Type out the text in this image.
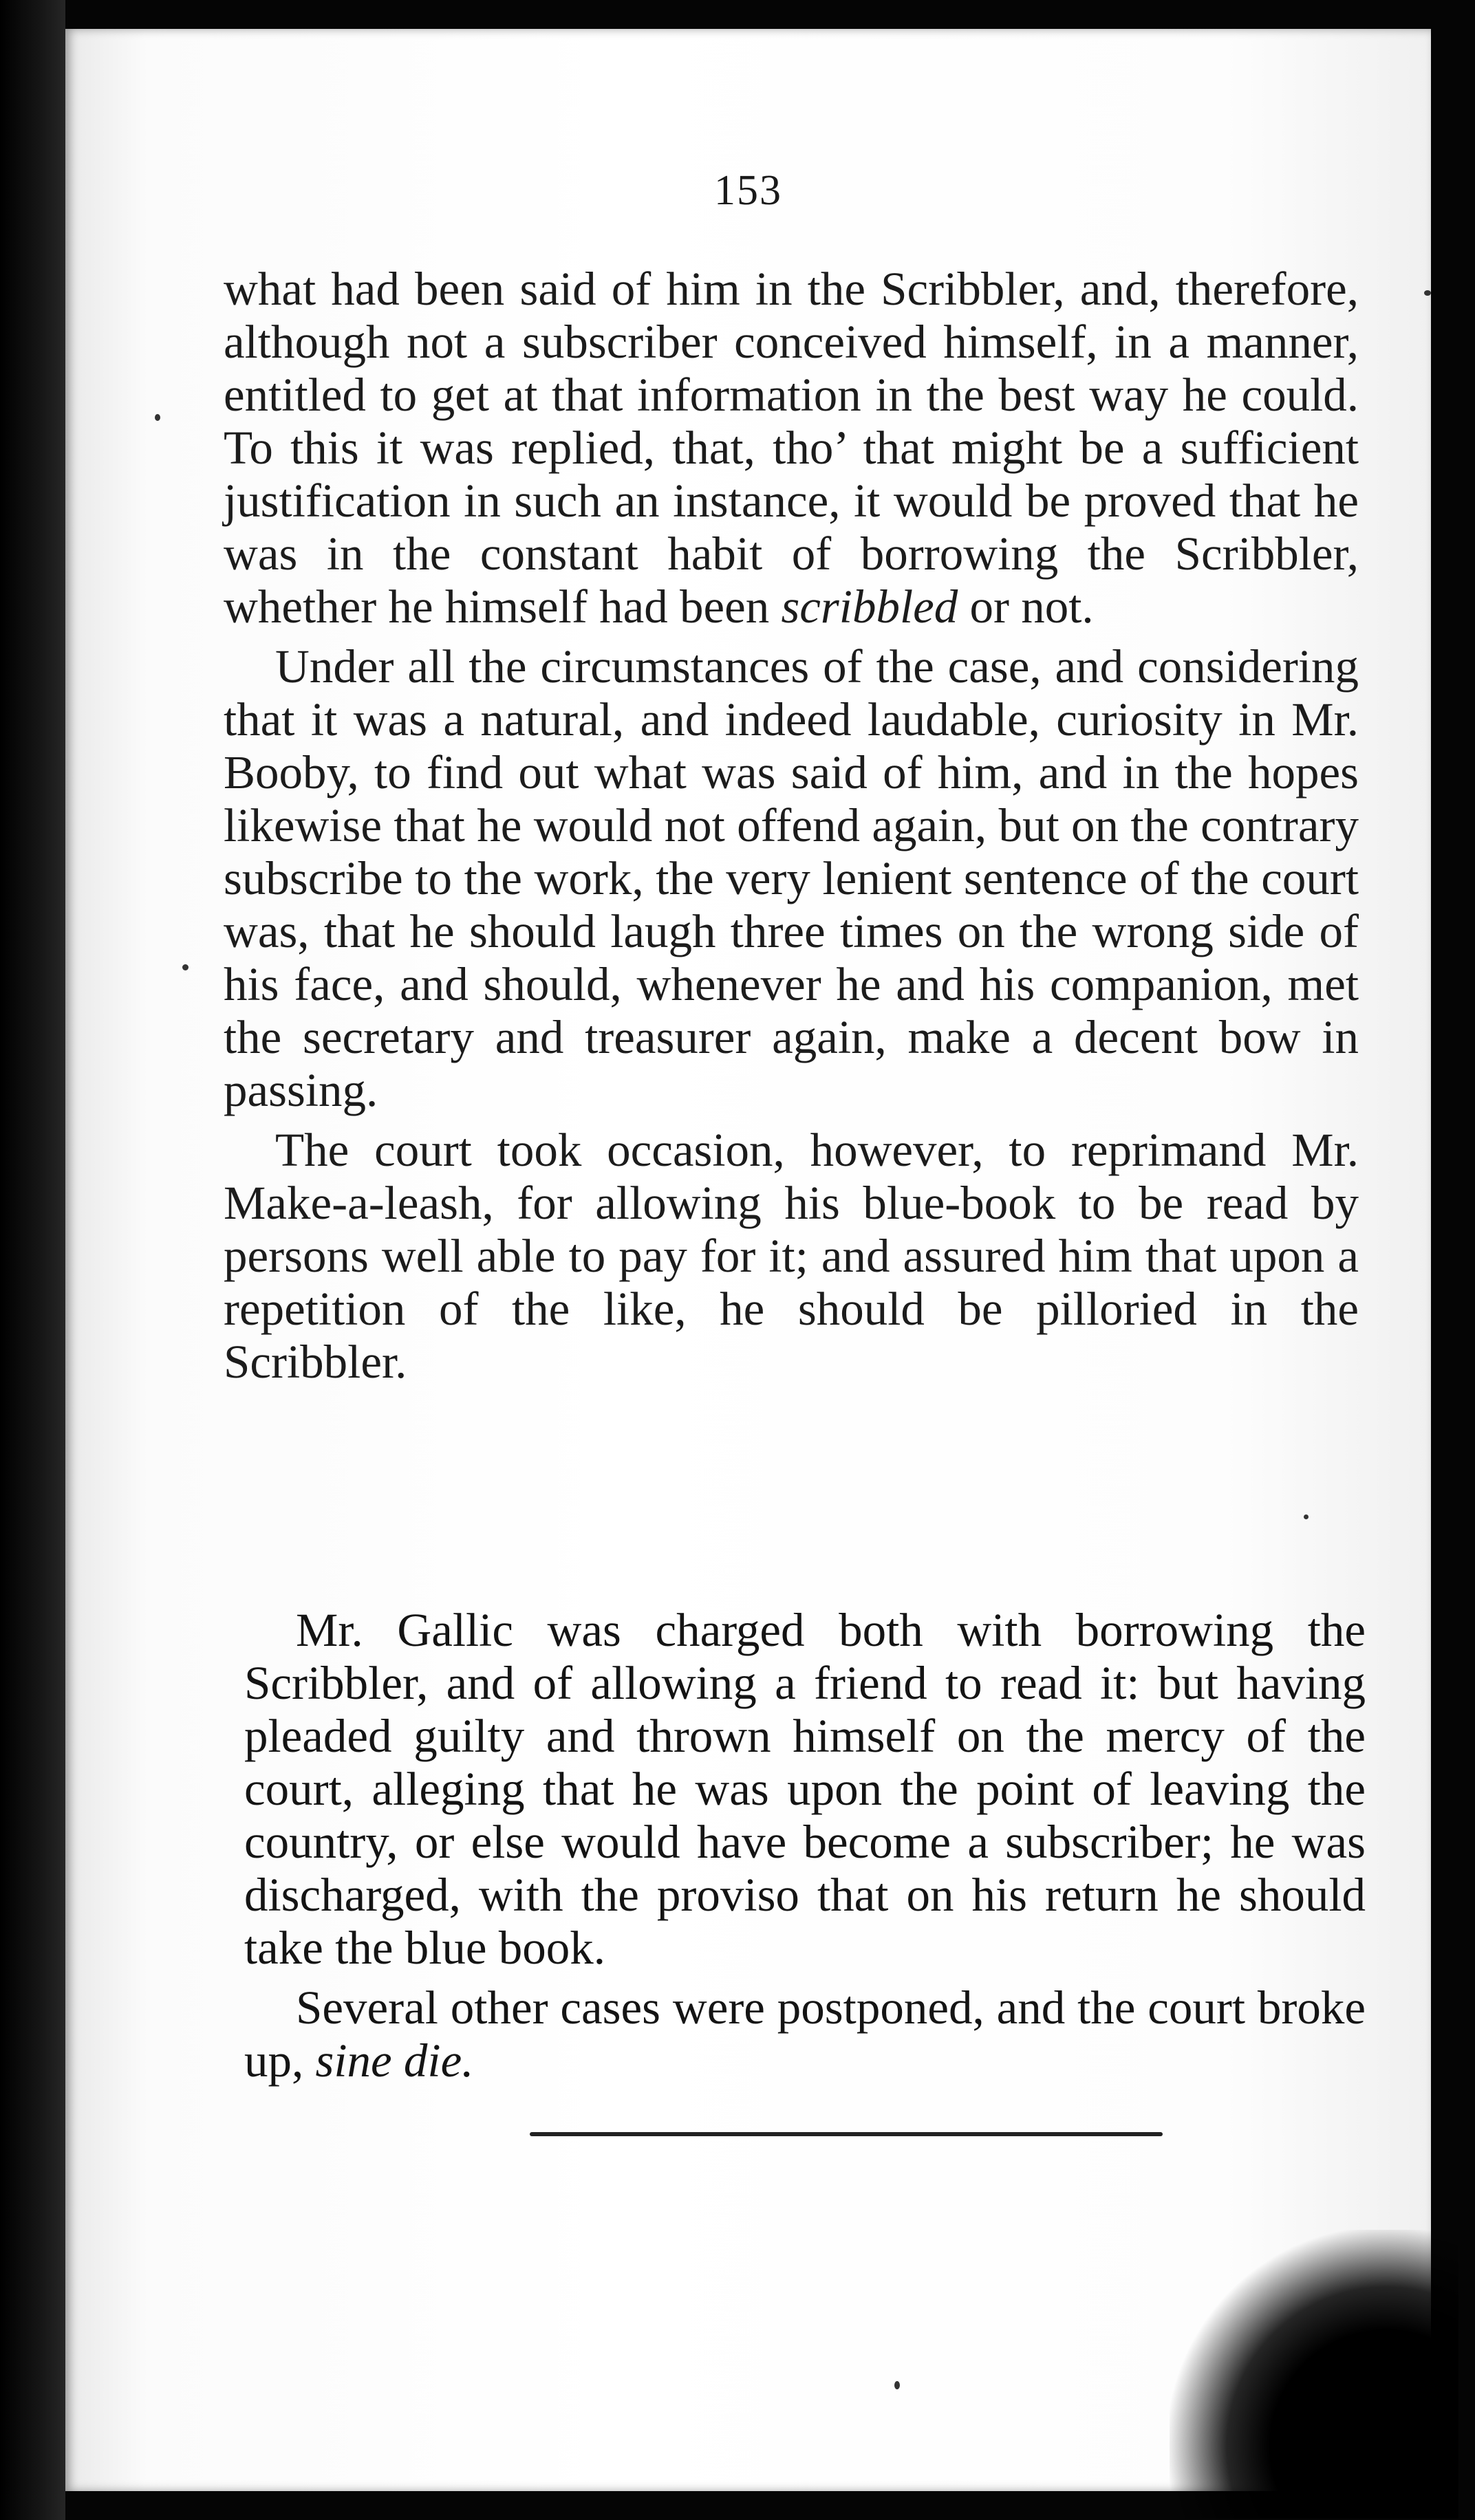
153

what had been said of him in the Scribbler, and, therefore, although not a subscriber conceived himself, in a manner, entitled to get at that information in the best way he could. To this it was replied, that, tho’ that might be a sufficient justification in such an instance, it would be proved that he was in the constant habit of borrowing the Scribbler, whether he himself had been scribbled or not.

Under all the circumstances of the case, and considering that it was a natural, and indeed laudable, curiosity in Mr. Booby, to find out what was said of him, and in the hopes likewise that he would not offend again, but on the contrary subscribe to the work, the very lenient sentence of the court was, that he should laugh three times on the wrong side of his face, and should, whenever he and his companion, met the secretary and treasurer again, make a decent bow in passing.

The court took occasion, however, to reprimand Mr. Make-a-leash, for allowing his blue-book to be read by persons well able to pay for it; and assured him that upon a repetition of the like, he should be pilloried in the Scribbler.

Mr. Gallic was charged both with borrowing the Scribbler, and of allowing a friend to read it: but having pleaded guilty and thrown himself on the mercy of the court, alleging that he was upon the point of leaving the country, or else would have become a subscriber; he was discharged, with the proviso that on his return he should take the blue book.

Several other cases were postponed, and the court broke up, sine die.
